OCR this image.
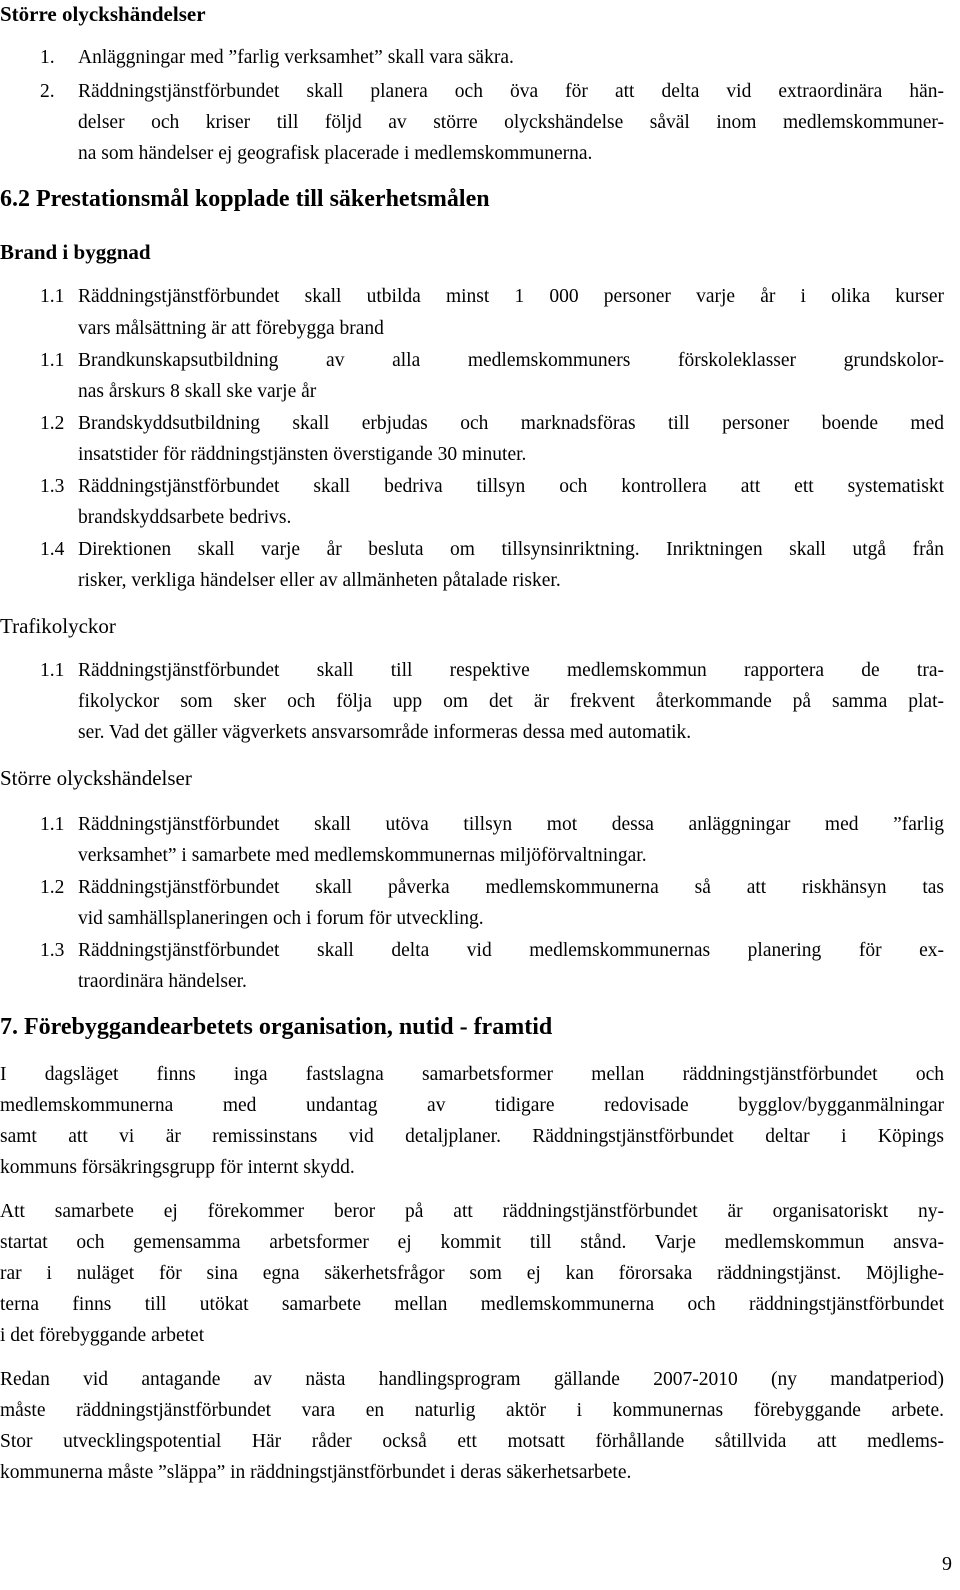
Större olyckshändelser
1. Anläggningar med ”farlig verksamhet” skall vara säkra.
2. Räddningstjänstförbundet skall planera och öva för att delta vid extraordinära hän-
delser och kriser till följd av större olyckshändelse såväl inom medlemskommuner-
na som händelser ej geografisk placerade i medlemskommunerna.
6.2 Prestationsmål kopplade till säkerhetsmålen
Brand i byggnad
1.1 Räddningstjänstförbundet skall utbilda minst 1 000 personer varje år i olika kurser
vars målsättning är att förebygga brand
1.1 Brandkunskapsutbildning av alla medlemskommuners förskoleklasser grundskolor-
nas årskurs 8 skall ske varje år
1.2 Brandskyddsutbildning skall erbjudas och marknadsföras till personer boende med
insatstider för räddningstjänsten överstigande 30 minuter.
1.3 Räddningstjänstförbundet skall bedriva tillsyn och kontrollera att ett systematiskt
brandskyddsarbete bedrivs.
1.4 Direktionen skall varje år besluta om tillsynsinriktning. Inriktningen skall utgå från
risker, verkliga händelser eller av allmänheten påtalade risker.
Trafikolyckor
1.1 Räddningstjänstförbundet skall till respektive medlemskommun rapportera de tra-
fikolyckor som sker och följa upp om det är frekvent återkommande på samma plat-
ser. Vad det gäller vägverkets ansvarsområde informeras dessa med automatik.
Större olyckshändelser
1.1 Räddningstjänstförbundet skall utöva tillsyn mot dessa anläggningar med ”farlig
verksamhet” i samarbete med medlemskommunernas miljöförvaltningar.
1.2 Räddningstjänstförbundet skall påverka medlemskommunerna så att riskhänsyn tas
vid samhällsplaneringen och i forum för utveckling.
1.3 Räddningstjänstförbundet skall delta vid medlemskommunernas planering för ex-
traordinära händelser.
7. Förebyggandearbetets organisation, nutid - framtid
I dagsläget finns inga fastslagna samarbetsformer mellan räddningstjänstförbundet och
medlemskommunerna med undantag av tidigare redovisade bygglov/bygganmälningar
samt att vi är remissinstans vid detaljplaner. Räddningstjänstförbundet deltar i Köpings
kommuns försäkringsgrupp för internt skydd.
Att samarbete ej förekommer beror på att räddningstjänstförbundet är organisatoriskt ny-
startat och gemensamma arbetsformer ej kommit till stånd. Varje medlemskommun ansva-
rar i nuläget för sina egna säkerhetsfrågor som ej kan förorsaka räddningstjänst. Möjlighe-
terna finns till utökat samarbete mellan medlemskommunerna och räddningstjänstförbundet
i det förebyggande arbetet
Redan vid antagande av nästa handlingsprogram gällande 2007-2010 (ny mandatperiod)
måste räddningstjänstförbundet vara en naturlig aktör i kommunernas förebyggande arbete.
Stor utvecklingspotential Här råder också ett motsatt förhållande såtillvida att medlems-
kommunerna måste ”släppa” in räddningstjänstförbundet i deras säkerhetsarbete.
9
